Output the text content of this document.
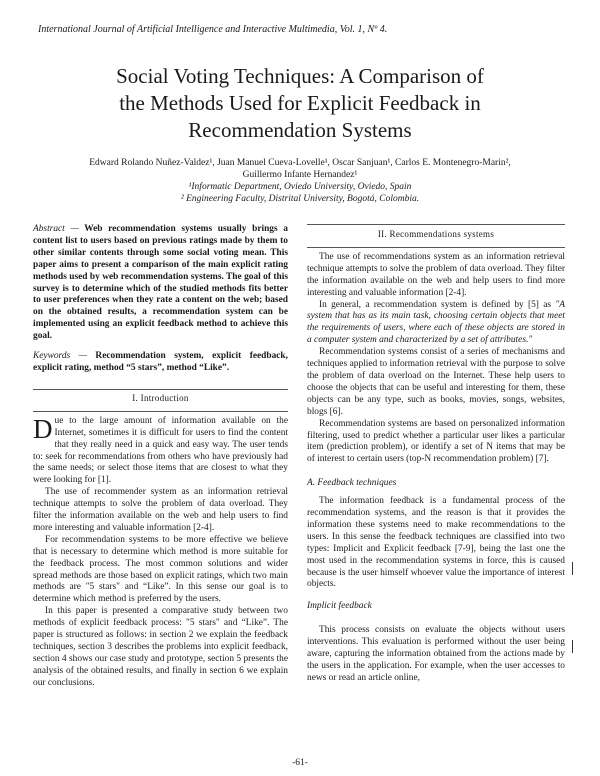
International Journal of Artificial Intelligence and Interactive Multimedia, Vol. 1, Nº 4.
Social Voting Techniques: A Comparison of
the Methods Used for Explicit Feedback in
Recommendation Systems
Edward Rolando Nuñez-Valdez¹, Juan Manuel Cueva-Lovelle¹, Oscar Sanjuan¹, Carlos E. Montenegro-Marin²,
Guillermo Infante Hernandez¹
¹Informatic Department, Oviedo University, Oviedo, Spain
² Engineering Faculty, Distrital University, Bogotá, Colombia.

Abstract — Web recommendation systems usually brings a content list to users based on previous ratings made by them to other similar contents through some social voting mean. This paper aims to present a comparison of the main explicit rating methods used by web recommendation systems. The goal of this survey is to determine which of the studied methods fits better to user preferences when they rate a content on the web; based on the obtained results, a recommendation system can be implemented using an explicit feedback method to achieve this goal.

Keywords — Recommendation system, explicit feedback, explicit rating, method “5 stars”, method “Like”.

I. Introduction

Due to the large amount of information available on the Internet, sometimes it is difficult for users to find the content that they really need in a quick and easy way. The user tends to: seek for recommendations from others who have previously had the same needs; or select those items that are closest to what they were looking for [1].

The use of recommender system as an information retrieval technique attempts to solve the problem of data overload. They filter the information available on the web and help users to find more interesting and valuable information [2-4].

For recommendation systems to be more effective we believe that is necessary to determine which method is more suitable for the feedback process. The most common solutions and wider spread methods are those based on explicit ratings, which two main methods are "5 stars" and “Like”. In this sense our goal is to determine which method is preferred by the users.

In this paper is presented a comparative study between two methods of explicit feedback process: "5 stars" and “Like”. The paper is structured as follows: in section 2 we explain the feedback techniques, section 3 describes the problems into explicit feedback, section 4 shows our case study and prototype, section 5 presents the analysis of the obtained results, and finally in section 6 we explain our conclusions.

II. Recommendations systems

The use of recommendations system as an information retrieval technique attempts to solve the problem of data overload. They filter the information available on the web and help users to find more interesting and valuable information [2-4].

In general, a recommendation system is defined by [5] as "A system that has as its main task, choosing certain objects that meet the requirements of users, where each of these objects are stored in a computer system and characterized by a set of attributes."

Recommendation systems consist of a series of mechanisms and techniques applied to information retrieval with the purpose to solve the problem of data overload on the Internet. These help users to choose the objects that can be useful and interesting for them, these objects can be any type, such as books, movies, songs, websites, blogs [6].

Recommendation systems are based on personalized information filtering, used to predict whether a particular user likes a particular item (prediction problem), or identify a set of N items that may be of interest to certain users (top-N recommendation problem) [7].

A. Feedback techniques

The information feedback is a fundamental process of the recommendation systems, and the reason is that it provides the information these systems need to make recommendations to the users. In this sense the feedback techniques are classified into two types: Implicit and Explicit feedback [7-9], being the last one the most used in the recommendation systems in force, this is caused because is the user himself whoever value the importance of interest objects.

Implicit feedback

This process consists on evaluate the objects without users interventions. This evaluation is performed without the user being aware, capturing the information obtained from the actions made by the users in the application. For example, when the user accesses to news or read an article online,

-61-
